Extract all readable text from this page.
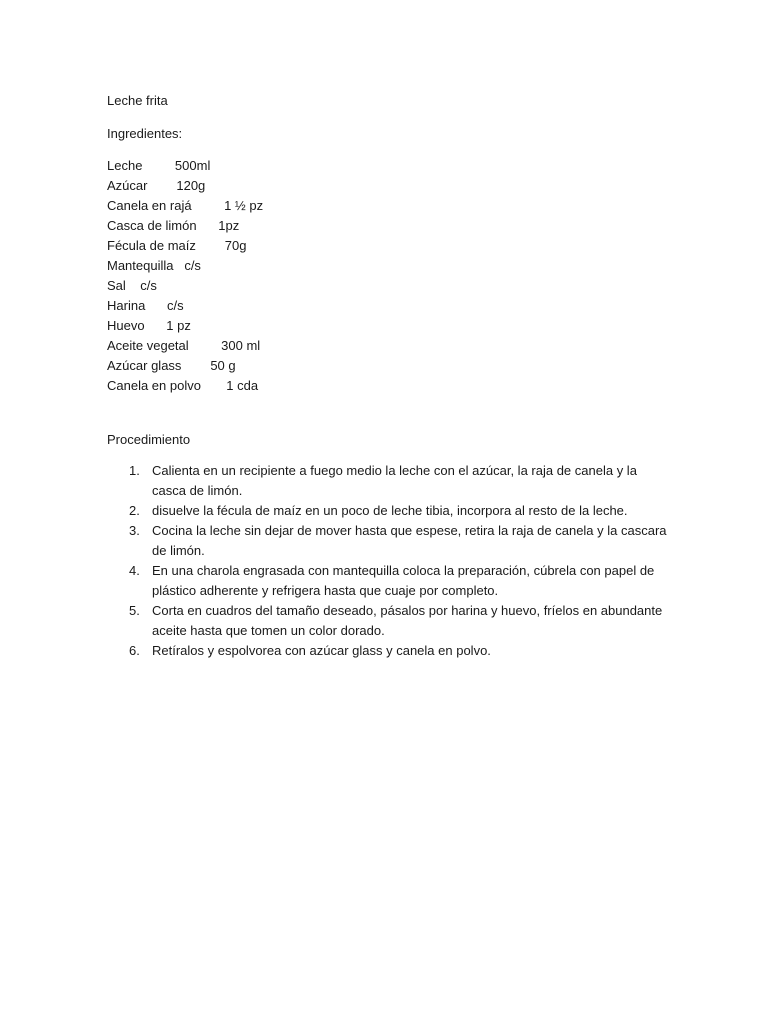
Leche frita
Ingredientes:
Leche         500ml
Azúcar        120g
Canela en rajá         1 ½ pz
Casca de limón      1pz
Fécula de maíz        70g
Mantequilla   c/s
Sal    c/s
Harina      c/s
Huevo      1 pz
Aceite vegetal         300 ml
Azúcar glass        50 g
Canela en polvo       1 cda
Procedimiento
1. Calienta en un recipiente a fuego medio la leche con el azúcar, la raja de canela y la casca de limón.
2. disuelve la fécula de maíz en un poco de leche tibia, incorpora al resto de la leche.
3. Cocina la leche sin dejar de mover hasta que espese, retira la raja de canela y la cascara de limón.
4. En una charola engrasada con mantequilla coloca la preparación, cúbrela con papel de plástico adherente y refrigera hasta que cuaje por completo.
5. Corta en cuadros del tamaño deseado, pásalos por harina y huevo, fríelos en abundante aceite hasta que tomen un color dorado.
6. Retíralos y espolvorea con azúcar glass y canela en polvo.
